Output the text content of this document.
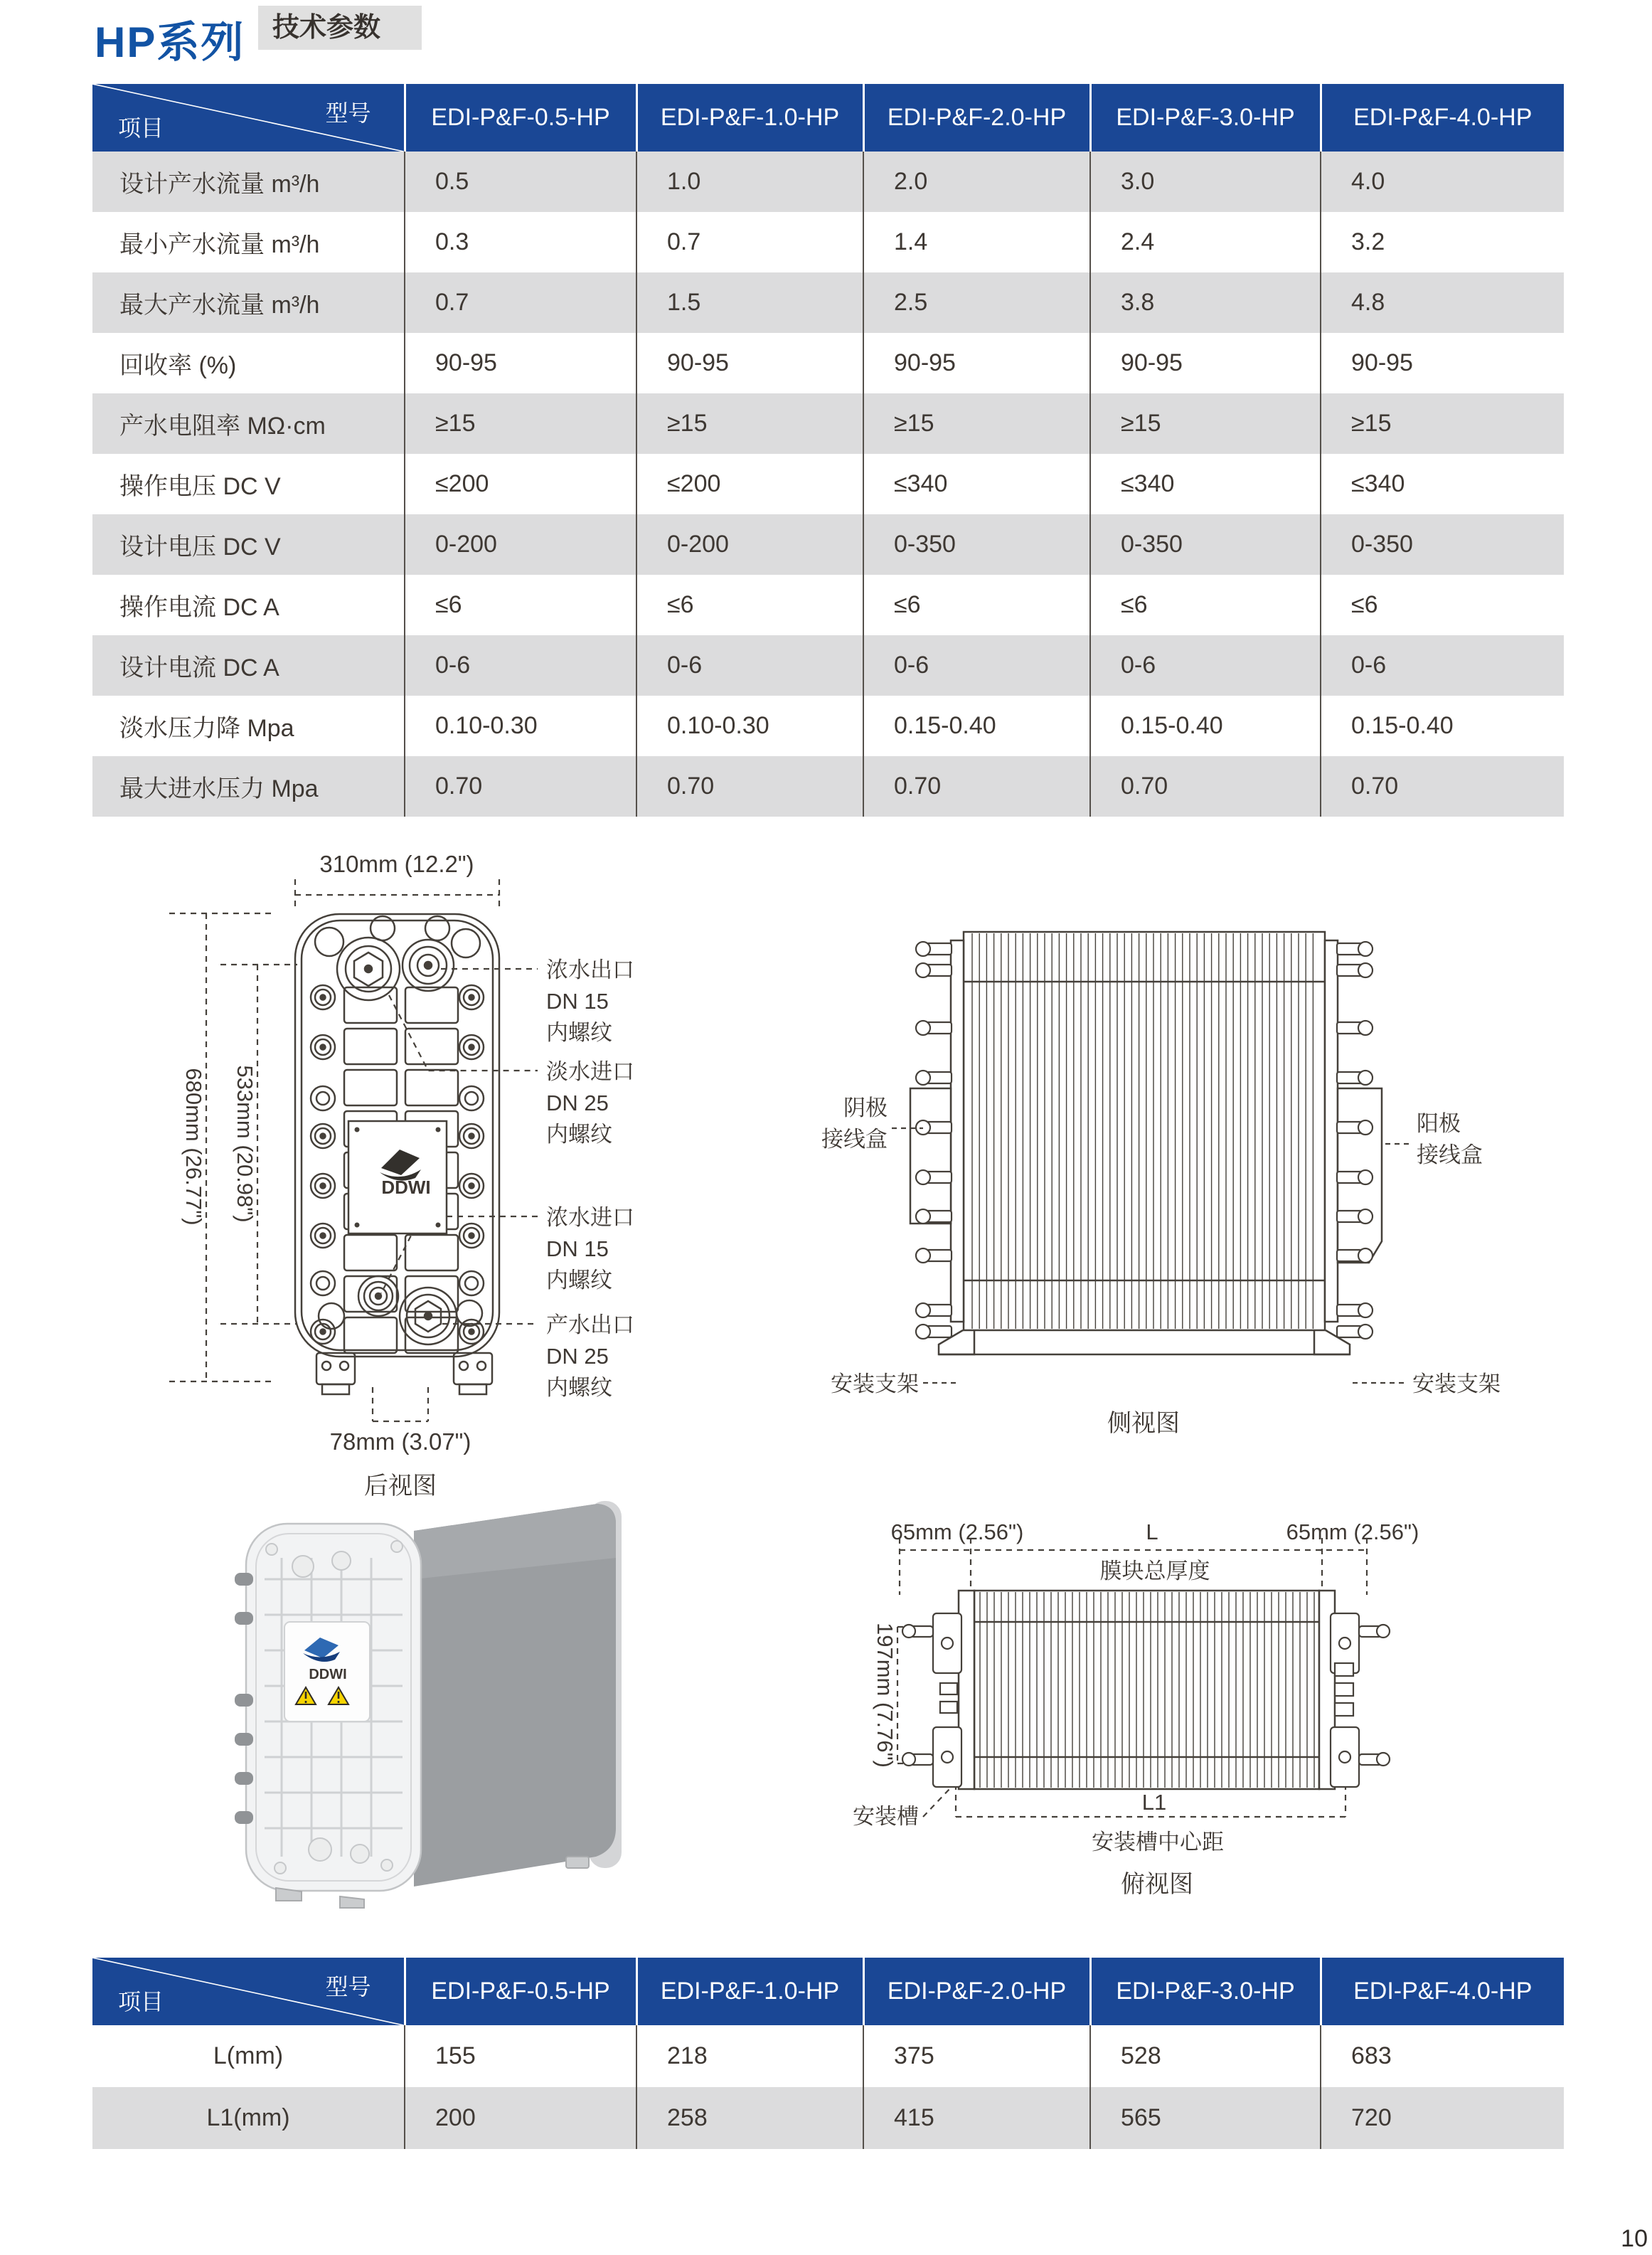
HP系列	技术参数
型号
项目	EDI-P&F-0.5-HP	EDI-P&F-1.0-HP	EDI-P&F-2.0-HP	EDI-P&F-3.0-HP	EDI-P&F-4.0-HP
设计产水流量 m³/h	0.5	1.0	2.0	3.0	4.0
最小产水流量 m³/h	0.3	0.7	1.4	2.4	3.2
最大产水流量 m³/h	0.7	1.5	2.5	3.8	4.8
回收率 (%)	90-95	90-95	90-95	90-95	90-95
产水电阻率 MΩ·cm	≥15	≥15	≥15	≥15	≥15
操作电压 DC V	≤200	≤200	≤340	≤340	≤340
设计电压 DC V	0-200	0-200	0-350	0-350	0-350
操作电流 DC A	≤6	≤6	≤6	≤6	≤6
设计电流 DC A	0-6	0-6	0-6	0-6	0-6
淡水压力降 Mpa	0.10-0.30	0.10-0.30	0.15-0.40	0.15-0.40	0.15-0.40
最大进水压力 Mpa	0.70	0.70	0.70	0.70	0.70
DDWI
浓水出口
DN 15
内螺纹
淡水进口
DN 25
内螺纹
浓水进口
DN 15
内螺纹
产水出口
DN 25
内螺纹
310mm (12.2")
680mm (26.77") 533mm (20.98")
78mm (3.07")
后视图
阴极
接线盒
阳极
接线盒
安装支架	安装支架
侧视图
DDWI
65mm (2.56")	L	65mm (2.56")
膜块总厚度
197mm (7.76")
安装槽
L1
安装槽中心距
俯视图
型号
项目	EDI-P&F-0.5-HP	EDI-P&F-1.0-HP	EDI-P&F-2.0-HP	EDI-P&F-3.0-HP	EDI-P&F-4.0-HP
L(mm)	155	218	375	528	683
L1(mm)	200	258	415	565	720
10
